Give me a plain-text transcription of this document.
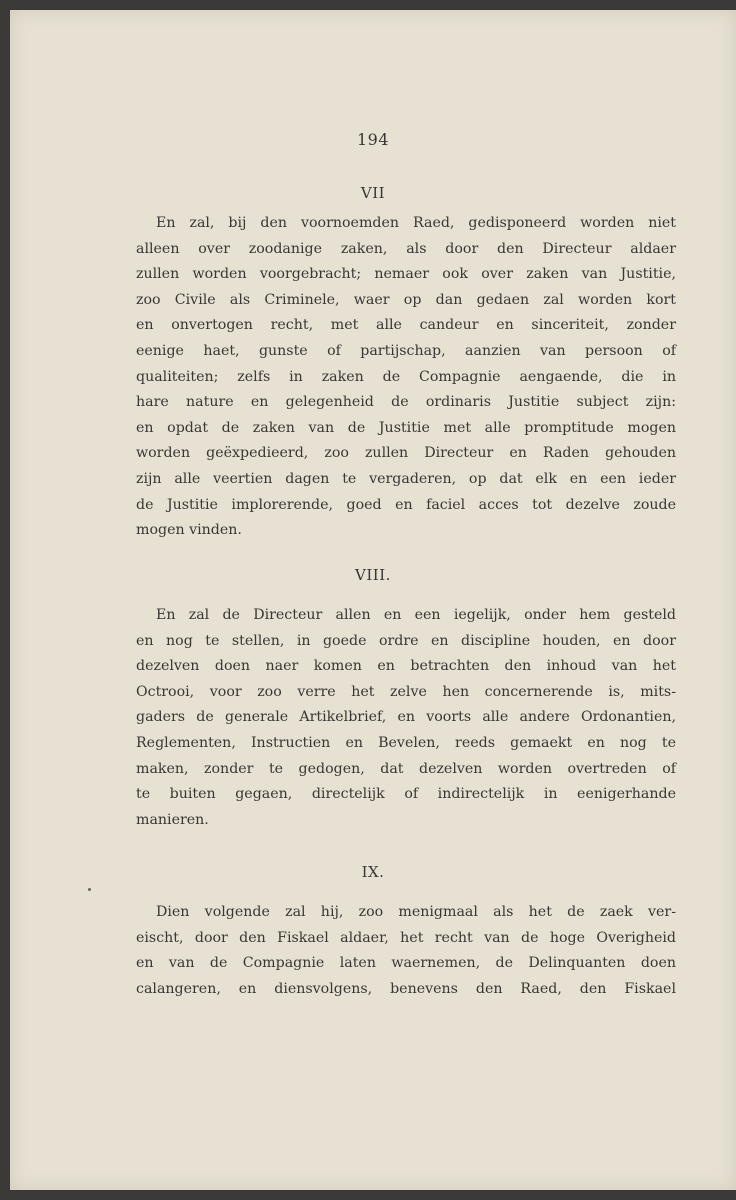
194
VII
En zal, bij den voornoemden Raed, gedisponeerd worden niet
alleen over zoodanige zaken, als door den Directeur aldaer
zullen worden voorgebracht; nemaer ook over zaken van Justitie,
zoo Civile als Criminele, waer op dan gedaen zal worden kort
en onvertogen recht, met alle candeur en sinceriteit, zonder
eenige haet, gunste of partijschap, aanzien van persoon of
qualiteiten; zelfs in zaken de Compagnie aengaende, die in
hare nature en gelegenheid de ordinaris Justitie subject zijn:
en opdat de zaken van de Justitie met alle promptitude mogen
worden geëxpedieerd, zoo zullen Directeur en Raden gehouden
zijn alle veertien dagen te vergaderen, op dat elk en een ieder
de Justitie implorerende, goed en faciel acces tot dezelve zoude
mogen vinden.
VIII.
En zal de Directeur allen en een iegelijk, onder hem gesteld
en nog te stellen, in goede ordre en discipline houden, en door
dezelven doen naer komen en betrachten den inhoud van het
Octrooi, voor zoo verre het zelve hen concernerende is, mits-
gaders de generale Artikelbrief, en voorts alle andere Ordonantien,
Reglementen, Instructien en Bevelen, reeds gemaekt en nog te
maken, zonder te gedogen, dat dezelven worden overtreden of
te buiten gegaen, directelijk of indirectelijk in eenigerhande
manieren.
IX.
Dien volgende zal hij, zoo menigmaal als het de zaek ver-
eischt, door den Fiskael aldaer, het recht van de hoge Overigheid
en van de Compagnie laten waernemen, de Delinquanten doen
calangeren, en diensvolgens, benevens den Raed, den Fiskael
